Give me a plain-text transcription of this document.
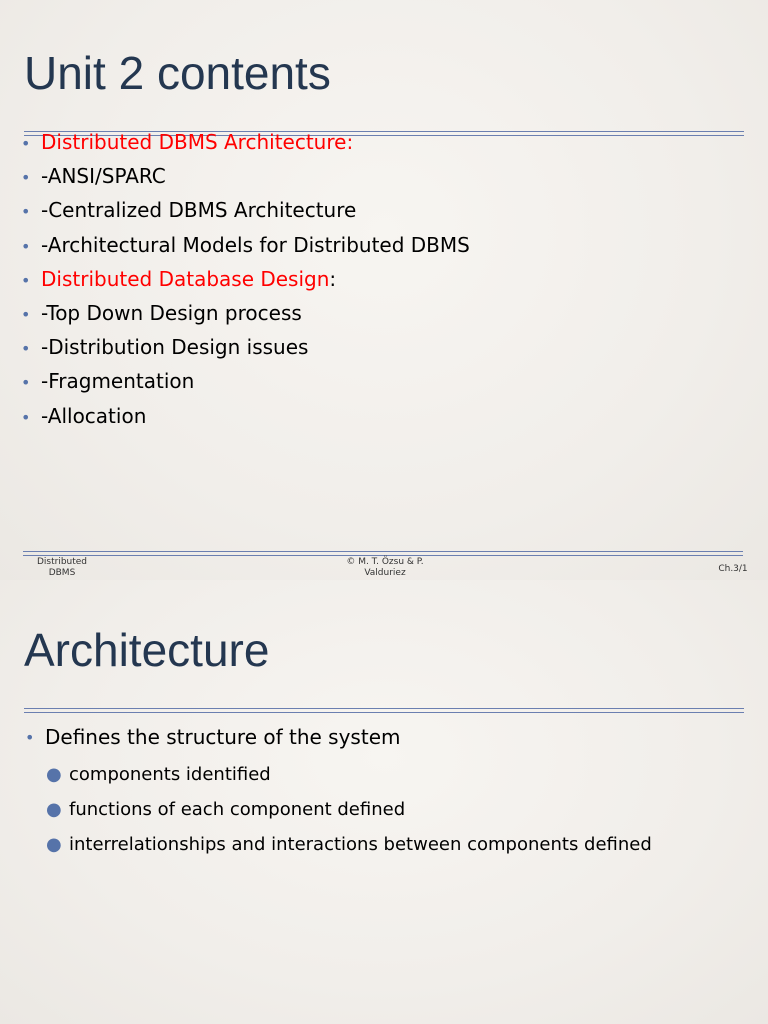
Unit 2 contents
• Distributed DBMS Architecture:
• -ANSI/SPARC
• -Centralized DBMS Architecture
• -Architectural Models for Distributed DBMS
• Distributed Database Design:
• -Top Down Design process
• -Distribution Design issues
• -Fragmentation
• -Allocation
Distributed
DBMS
© M. T. Özsu & P.
Valduriez	Ch.3/1
Architecture
• Defines the structure of the system
● components identified
● functions of each component defined
● interrelationships and interactions between components defined
